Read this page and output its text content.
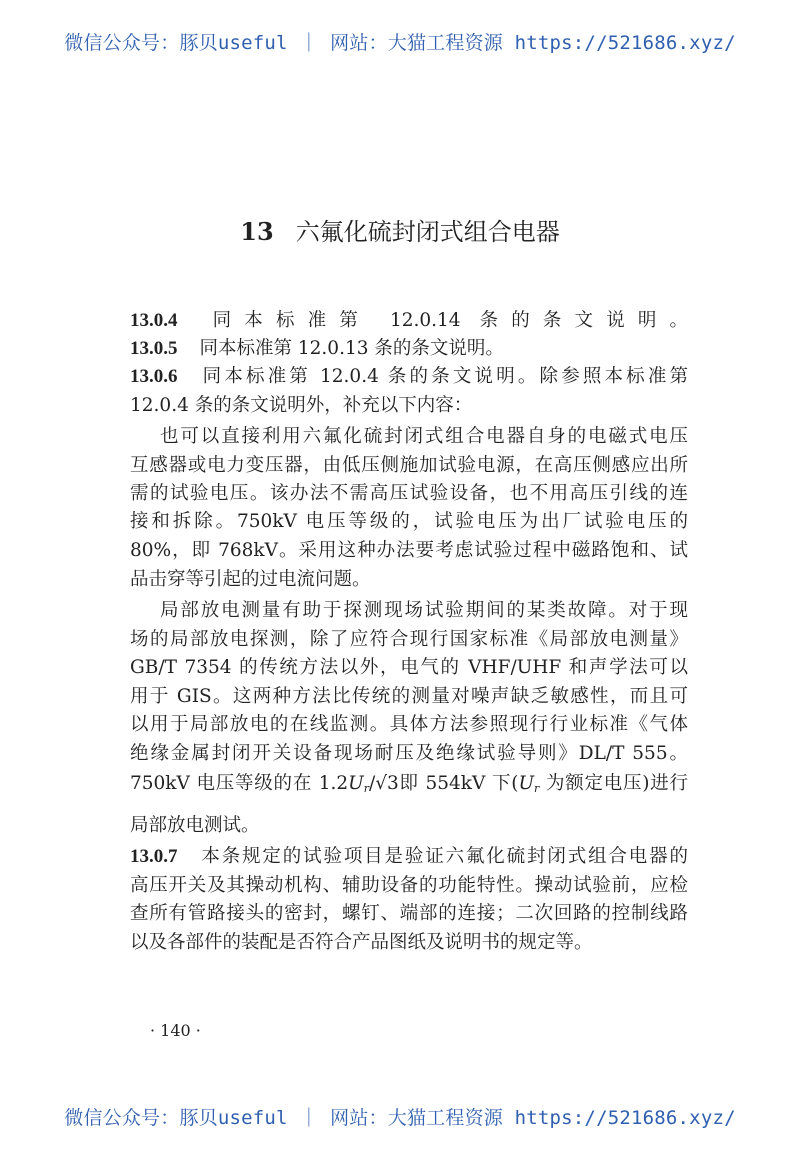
微信公众号：豚贝useful ｜ 网站：大猫工程资源 https://521686.xyz/
13 六氟化硫封闭式组合电器
13.0.4 同本标准第 12.0.14 条的条文说明。
13.0.5 同本标准第 12.0.13 条的条文说明。
13.0.6 同本标准第 12.0.4 条的条文说明。除参照本标准第
12.0.4 条的条文说明外，补充以下内容：
也可以直接利用六氟化硫封闭式组合电器自身的电磁式电压
互感器或电力变压器，由低压侧施加试验电源，在高压侧感应出所
需的试验电压。该办法不需高压试验设备，也不用高压引线的连
接和拆除。750kV 电压等级的，试验电压为出厂试验电压的
80%，即 768kV。采用这种办法要考虑试验过程中磁路饱和、试
品击穿等引起的过电流问题。
局部放电测量有助于探测现场试验期间的某类故障。对于现
场的局部放电探测，除了应符合现行国家标准《局部放电测量》
GB/T 7354 的传统方法以外，电气的 VHF/UHF 和声学法可以
用于 GIS。这两种方法比传统的测量对噪声缺乏敏感性，而且可
以用于局部放电的在线监测。具体方法参照现行行业标准《气体
绝缘金属封闭开关设备现场耐压及绝缘试验导则》DL/T 555。
750kV 电压等级的在 $1.2U_r/√3$即 554kV 下($U_r$ 为额定电压)进行
局部放电测试。
13.0.7 本条规定的试验项目是验证六氟化硫封闭式组合电器的
高压开关及其操动机构、辅助设备的功能特性。操动试验前，应检
查所有管路接头的密封，螺钉、端部的连接；二次回路的控制线路
以及各部件的装配是否符合产品图纸及说明书的规定等。
· 140 ·
微信公众号：豚贝useful ｜ 网站：大猫工程资源 https://521686.xyz/
